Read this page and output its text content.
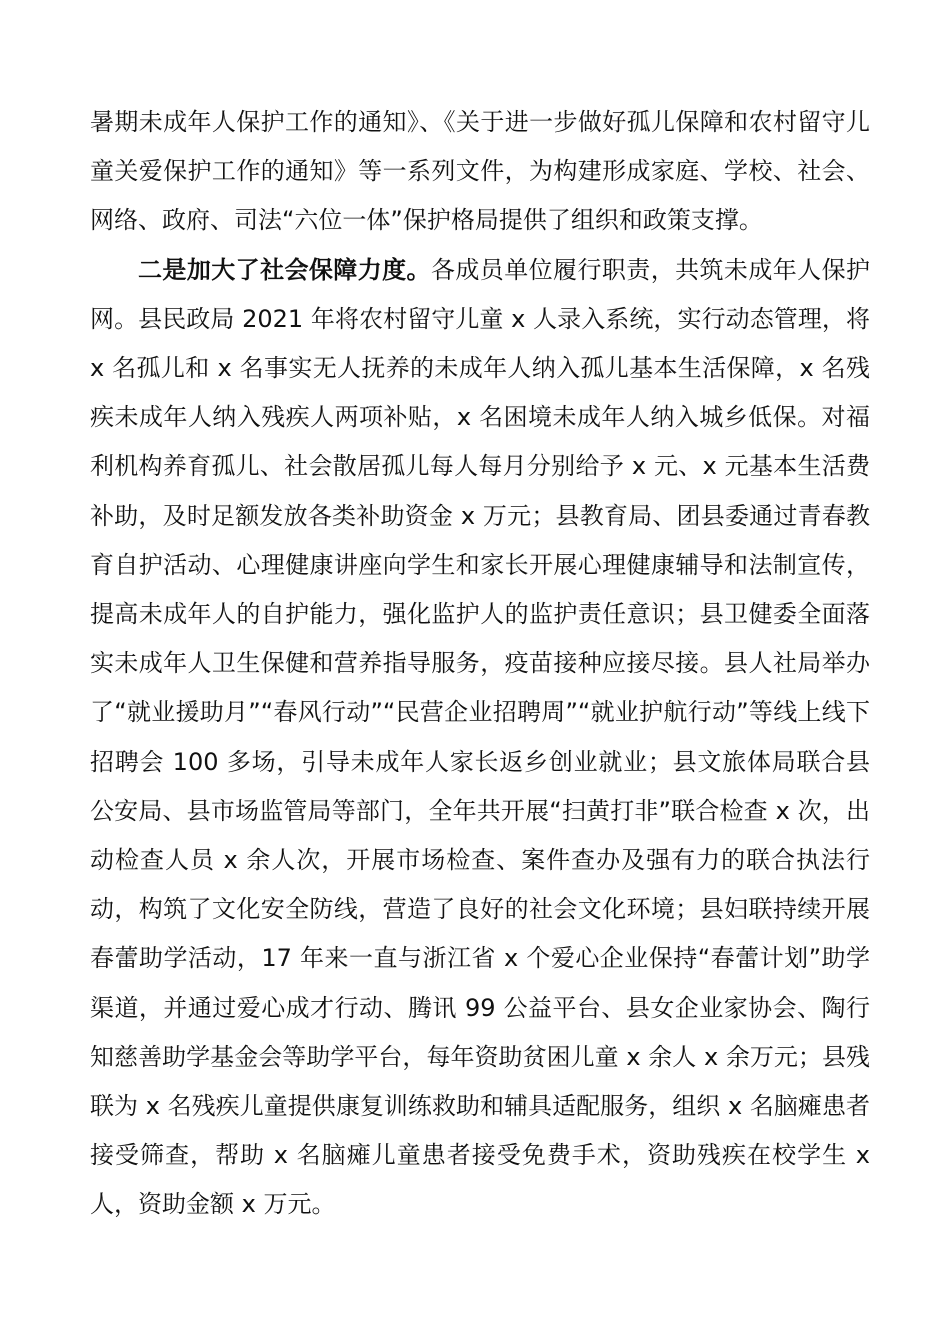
暑期未成年人保护工作的通知》、《关于进一步做好孤儿保障和农村留守儿童关爱保护工作的通知》等一系列文件，为构建形成家庭、学校、社会、网络、政府、司法“六位一体”保护格局提供了组织和政策支撑。

二是加大了社会保障力度。各成员单位履行职责，共筑未成年人保护网。县民政局 2021 年将农村留守儿童 x 人录入系统，实行动态管理，将 x 名孤儿和 x 名事实无人抚养的未成年人纳入孤儿基本生活保障，x 名残疾未成年人纳入残疾人两项补贴，x 名困境未成年人纳入城乡低保。对福利机构养育孤儿、社会散居孤儿每人每月分别给予 x 元、x 元基本生活费补助，及时足额发放各类补助资金 x 万元；县教育局、团县委通过青春教育自护活动、心理健康讲座向学生和家长开展心理健康辅导和法制宣传，提高未成年人的自护能力，强化监护人的监护责任意识；县卫健委全面落实未成年人卫生保健和营养指导服务，疫苗接种应接尽接。县人社局举办了“就业援助月”“春风行动”“民营企业招聘周”“就业护航行动”等线上线下招聘会 100 多场，引导未成年人家长返乡创业就业；县文旅体局联合县公安局、县市场监管局等部门，全年共开展“扫黄打非”联合检查 x 次，出动检查人员 x 余人次，开展市场检查、案件查办及强有力的联合执法行动，构筑了文化安全防线，营造了良好的社会文化环境；县妇联持续开展春蕾助学活动，17 年来一直与浙江省 x 个爱心企业保持“春蕾计划”助学渠道，并通过爱心成才行动、腾讯 99 公益平台、县女企业家协会、陶行知慈善助学基金会等助学平台，每年资助贫困儿童 x 余人 x 余万元；县残联为 x 名残疾儿童提供康复训练救助和辅具适配服务，组织 x 名脑瘫患者接受筛查，帮助 x 名脑瘫儿童患者接受免费手术，资助残疾在校学生 x 人，资助金额 x 万元。
